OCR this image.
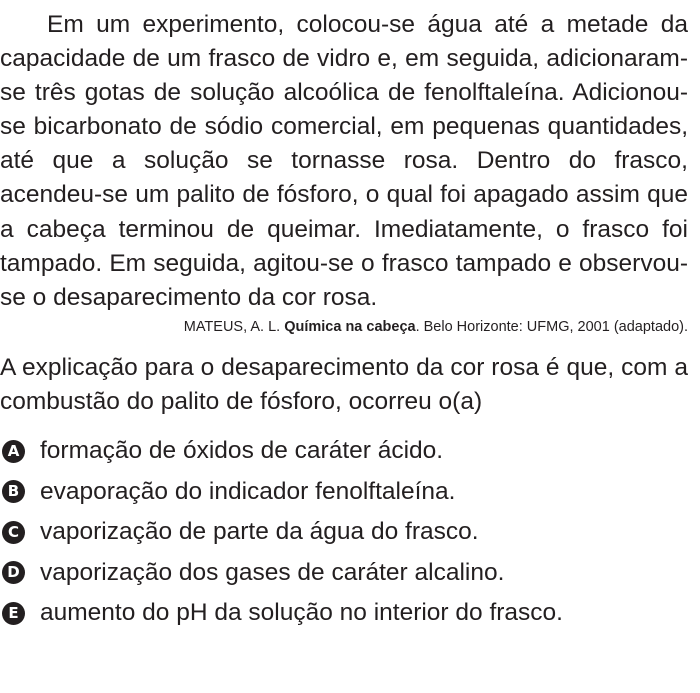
Em um experimento, colocou-se água até a metade da capacidade de um frasco de vidro e, em seguida, adicionaram-se três gotas de solução alcoólica de fenolftaleína. Adicionou-se bicarbonato de sódio comercial, em pequenas quantidades, até que a solução se tornasse rosa. Dentro do frasco, acendeu-se um palito de fósforo, o qual foi apagado assim que a cabeça terminou de queimar. Imediatamente, o frasco foi tampado. Em seguida, agitou-se o frasco tampado e observou-se o desaparecimento da cor rosa.

MATEUS, A. L. Química na cabeça. Belo Horizonte: UFMG, 2001 (adaptado).

A explicação para o desaparecimento da cor rosa é que, com a combustão do palito de fósforo, ocorreu o(a)

A formação de óxidos de caráter ácido.
B evaporação do indicador fenolftaleína.
C vaporização de parte da água do frasco.
D vaporização dos gases de caráter alcalino.
E aumento do pH da solução no interior do frasco.
